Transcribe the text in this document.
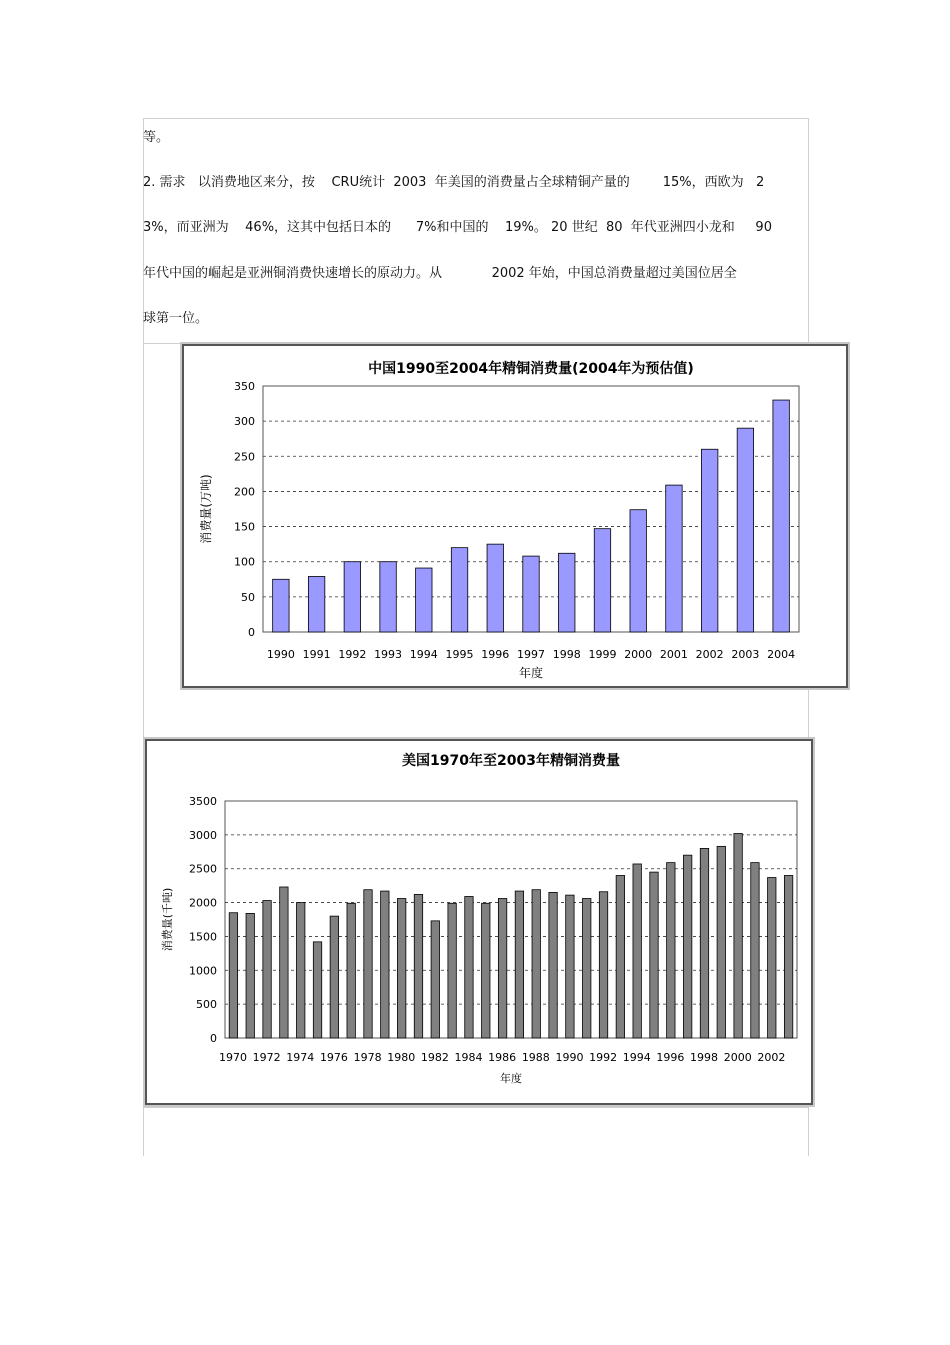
等。
2. 需求   以消费地区来分，按    CRU统计  2003  年美国的消费量占全球精铜产量的        15%，西欧为   2
3%，而亚洲为    46%，这其中包括日本的      7%和中国的    19%。 20 世纪  80  年代亚洲四小龙和     90
年代中国的崛起是亚洲铜消费快速增长的原动力。从            2002 年始，中国总消费量超过美国位居全
球第一位。
中国1990至2004年精铜消费量(2004年为预估值)
0
50
100
150
200
250
300
350
1990 1991 1992 1993 1994 1995 1996 1997 1998 1999 2000 2001 2002 2003 2004
年度
消费量(万吨)
美国1970年至2003年精铜消费量
0
500
1000
1500
2000
2500
3000
3500
1970 1972 1974 1976 1978 1980 1982 1984 1986 1988 1990 1992 1994 1996 1998 2000 2002
年度
消费量(千吨)
